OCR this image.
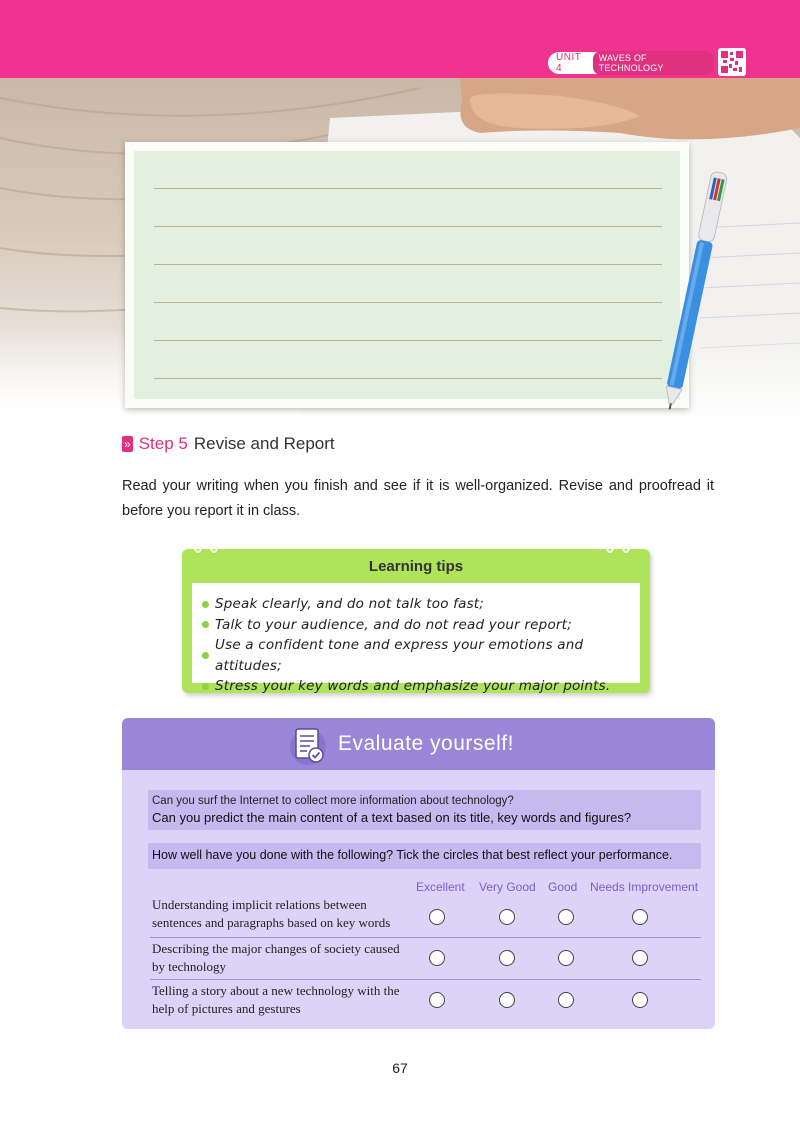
UNIT 4
WAVES OF TECHNOLOGY
» Step 5 Revise and Report

Read your writing when you finish and see if it is well-organized. Revise and proofread it before you report it in class.

Learning tips
Speak clearly, and do not talk too fast;
Talk to your audience, and do not read your report;
Use a confident tone and express your emotions and attitudes;
Stress your key words and emphasize your major points.
Evaluate yourself!
Can you surf the Internet to collect more information about technology?
Can you predict the main content of a text based on its title, key words and figures?
How well have you done with the following? Tick the circles that best reflect your performance.
Excellent Very Good Good Needs Improvement
Understanding implicit relations between
sentences and paragraphs based on key words
Describing the major changes of society caused
by technology
Telling a story about a new technology with the
help of pictures and gestures
67
